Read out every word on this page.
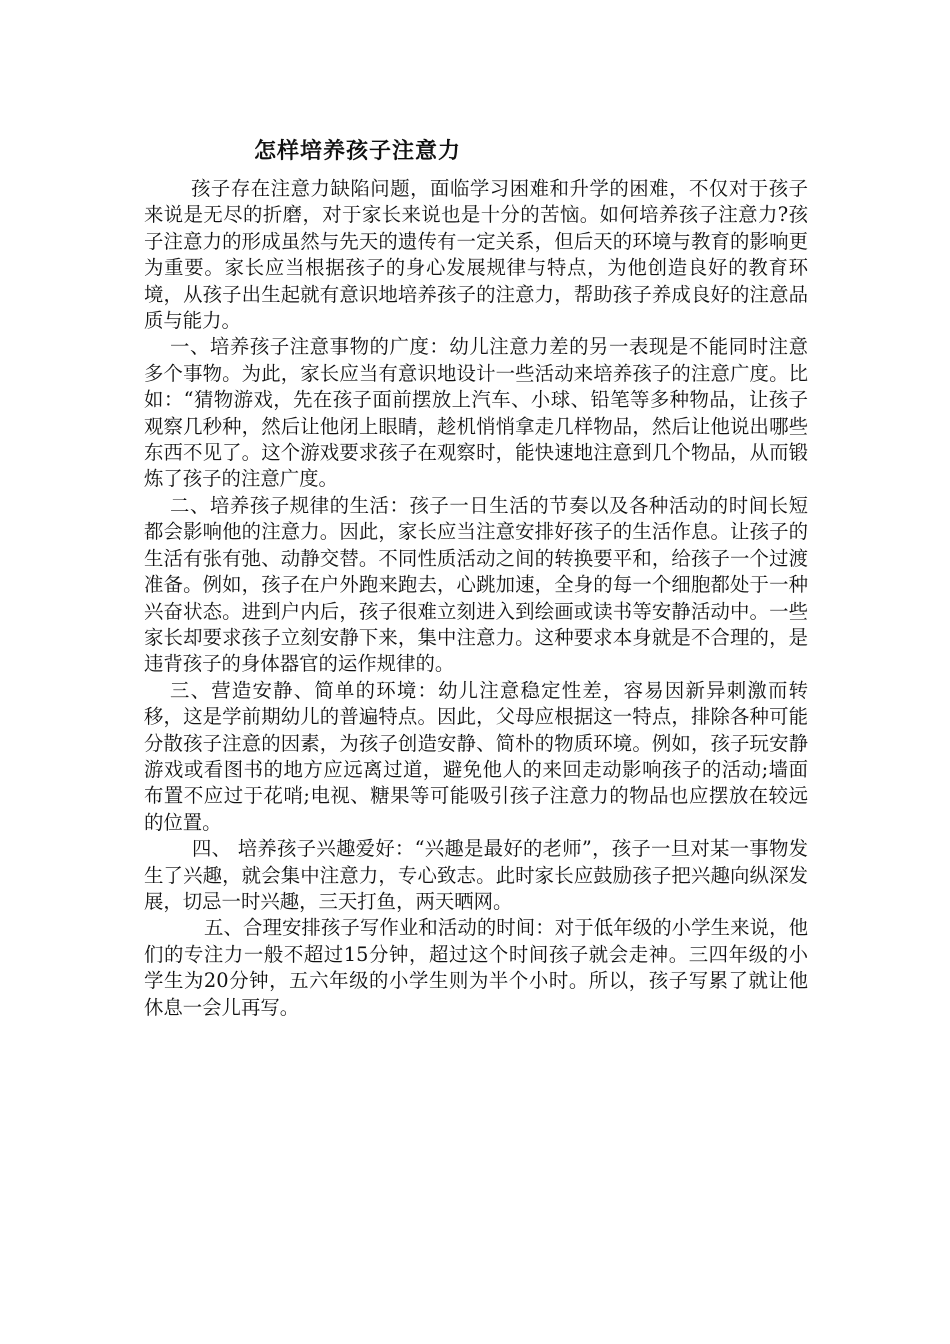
怎样培养孩子注意力

孩子存在注意力缺陷问题，面临学习困难和升学的困难，不仅对于孩子来说是无尽的折磨，对于家长来说也是十分的苦恼。如何培养孩子注意力?孩子注意力的形成虽然与先天的遗传有一定关系，但后天的环境与教育的影响更为重要。家长应当根据孩子的身心发展规律与特点，为他创造良好的教育环境，从孩子出生起就有意识地培养孩子的注意力，帮助孩子养成良好的注意品质与能力。

一、培养孩子注意事物的广度：幼儿注意力差的另一表现是不能同时注意多个事物。为此，家长应当有意识地设计一些活动来培养孩子的注意广度。比如：“猜物游戏，先在孩子面前摆放上汽车、小球、铅笔等多种物品，让孩子观察几秒种，然后让他闭上眼睛，趁机悄悄拿走几样物品，然后让他说出哪些东西不见了。这个游戏要求孩子在观察时，能快速地注意到几个物品，从而锻炼了孩子的注意广度。

二、培养孩子规律的生活：孩子一日生活的节奏以及各种活动的时间长短都会影响他的注意力。因此，家长应当注意安排好孩子的生活作息。让孩子的生活有张有弛、动静交替。不同性质活动之间的转换要平和，给孩子一个过渡准备。例如，孩子在户外跑来跑去，心跳加速，全身的每一个细胞都处于一种兴奋状态。进到户内后，孩子很难立刻进入到绘画或读书等安静活动中。一些家长却要求孩子立刻安静下来，集中注意力。这种要求本身就是不合理的，是违背孩子的身体器官的运作规律的。

三、营造安静、简单的环境：幼儿注意稳定性差，容易因新异刺激而转移，这是学前期幼儿的普遍特点。因此，父母应根据这一特点，排除各种可能分散孩子注意的因素，为孩子创造安静、简朴的物质环境。例如，孩子玩安静游戏或看图书的地方应远离过道，避免他人的来回走动影响孩子的活动;墙面布置不应过于花哨;电视、糖果等可能吸引孩子注意力的物品也应摆放在较远的位置。

四、 培养孩子兴趣爱好：“兴趣是最好的老师”，孩子一旦对某一事物发生了兴趣，就会集中注意力，专心致志。此时家长应鼓励孩子把兴趣向纵深发展，切忌一时兴趣，三天打鱼，两天晒网。

五、合理安排孩子写作业和活动的时间：对于低年级的小学生来说，他们的专注力一般不超过15分钟，超过这个时间孩子就会走神。三四年级的小学生为20分钟，五六年级的小学生则为半个小时。所以，孩子写累了就让他休息一会儿再写。
